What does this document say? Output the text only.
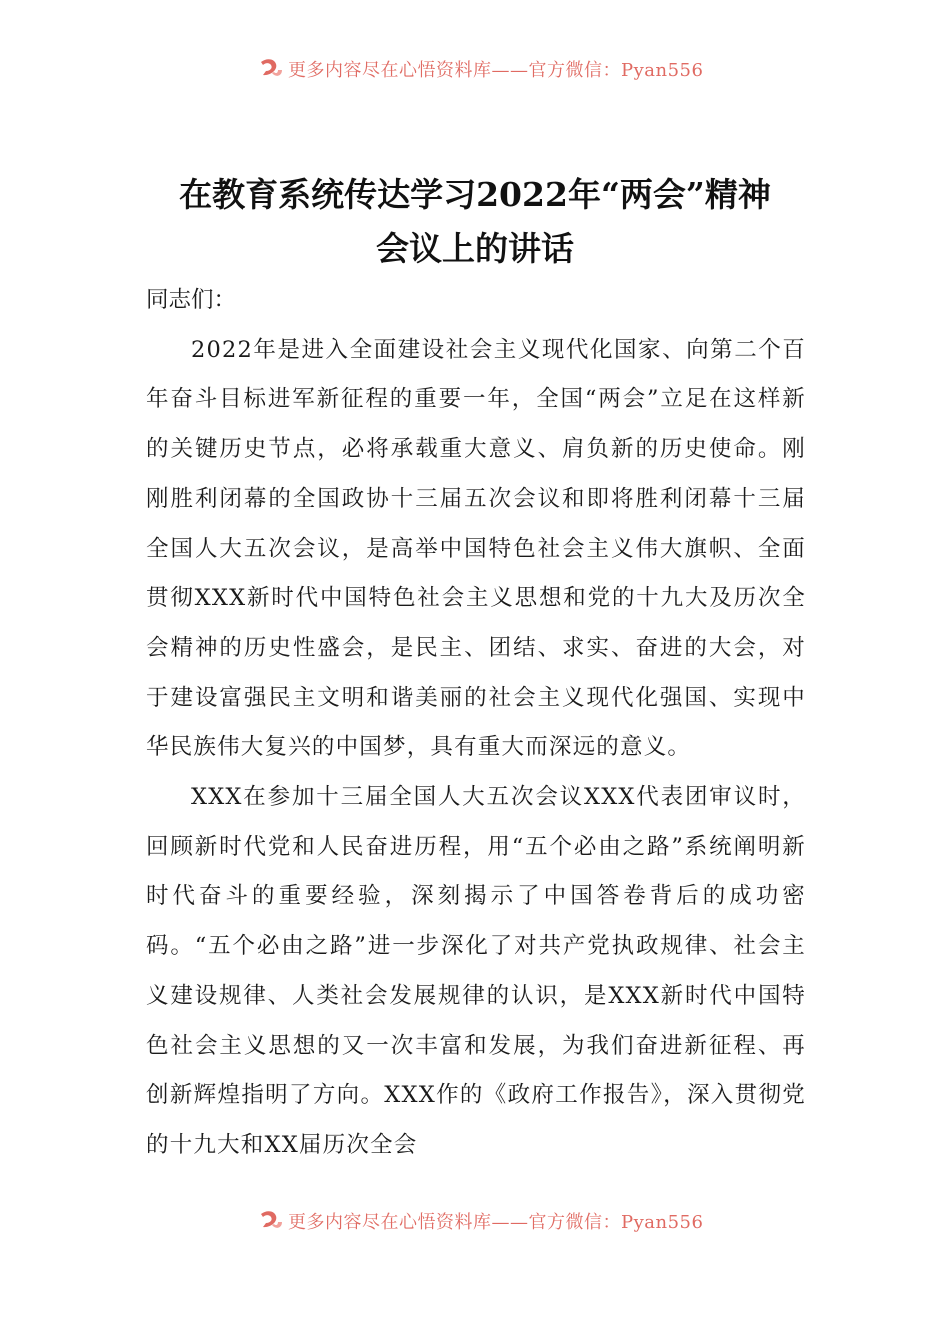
更多内容尽在心悟资料库——官方微信：Pyan556
在教育系统传达学习2022年“两会”精神
会议上的讲话

同志们：

2022年是进入全面建设社会主义现代化国家、向第二个百年奋斗目标进军新征程的重要一年，全国“两会”立足在这样新的关键历史节点，必将承载重大意义、肩负新的历史使命。刚刚胜利闭幕的全国政协十三届五次会议和即将胜利闭幕十三届全国人大五次会议，是高举中国特色社会主义伟大旗帜、全面贯彻XXX新时代中国特色社会主义思想和党的十九大及历次全会精神的历史性盛会，是民主、团结、求实、奋进的大会，对于建设富强民主文明和谐美丽的社会主义现代化强国、实现中华民族伟大复兴的中国梦，具有重大而深远的意义。

XXX在参加十三届全国人大五次会议XXX代表团审议时，回顾新时代党和人民奋进历程，用“五个必由之路”系统阐明新时代奋斗的重要经验，深刻揭示了中国答卷背后的成功密码。“五个必由之路”进一步深化了对共产党执政规律、社会主义建设规律、人类社会发展规律的认识，是XXX新时代中国特色社会主义思想的又一次丰富和发展，为我们奋进新征程、再创新辉煌指明了方向。XXX作的《政府工作报告》，深入贯彻党的十九大和XX届历次全会

更多内容尽在心悟资料库——官方微信：Pyan556
